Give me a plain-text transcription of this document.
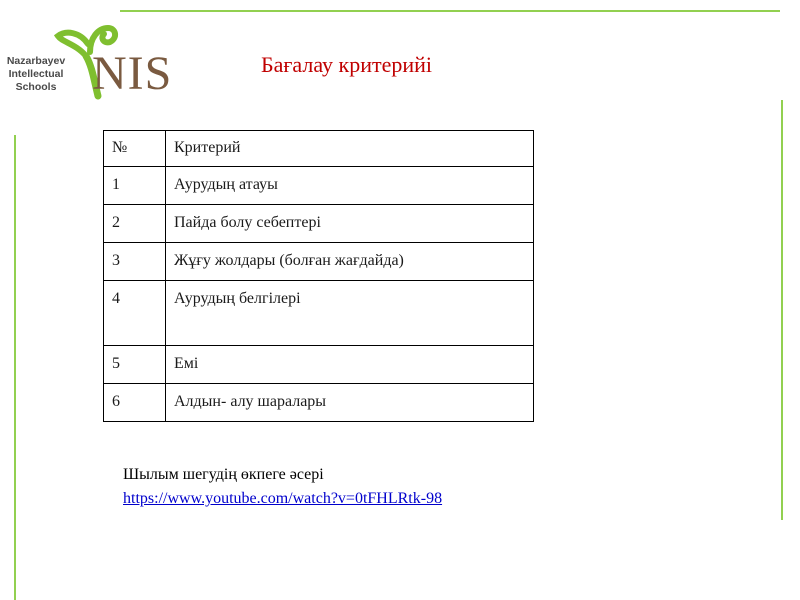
Nazarbayev
Intellectual
Schools NIS	Бағалау критерийі
№	Критерий
1	Аурудың атауы
2	Пайда болу себептері
3	Жұғу жолдары (болған жағдайда)
4	Аурудың белгілері
5	Емі
6	Алдын- алу шаралары
Шылым шегудің өкпеге әсері
https://www.youtube.com/watch?v=0tFHLRtk-98
